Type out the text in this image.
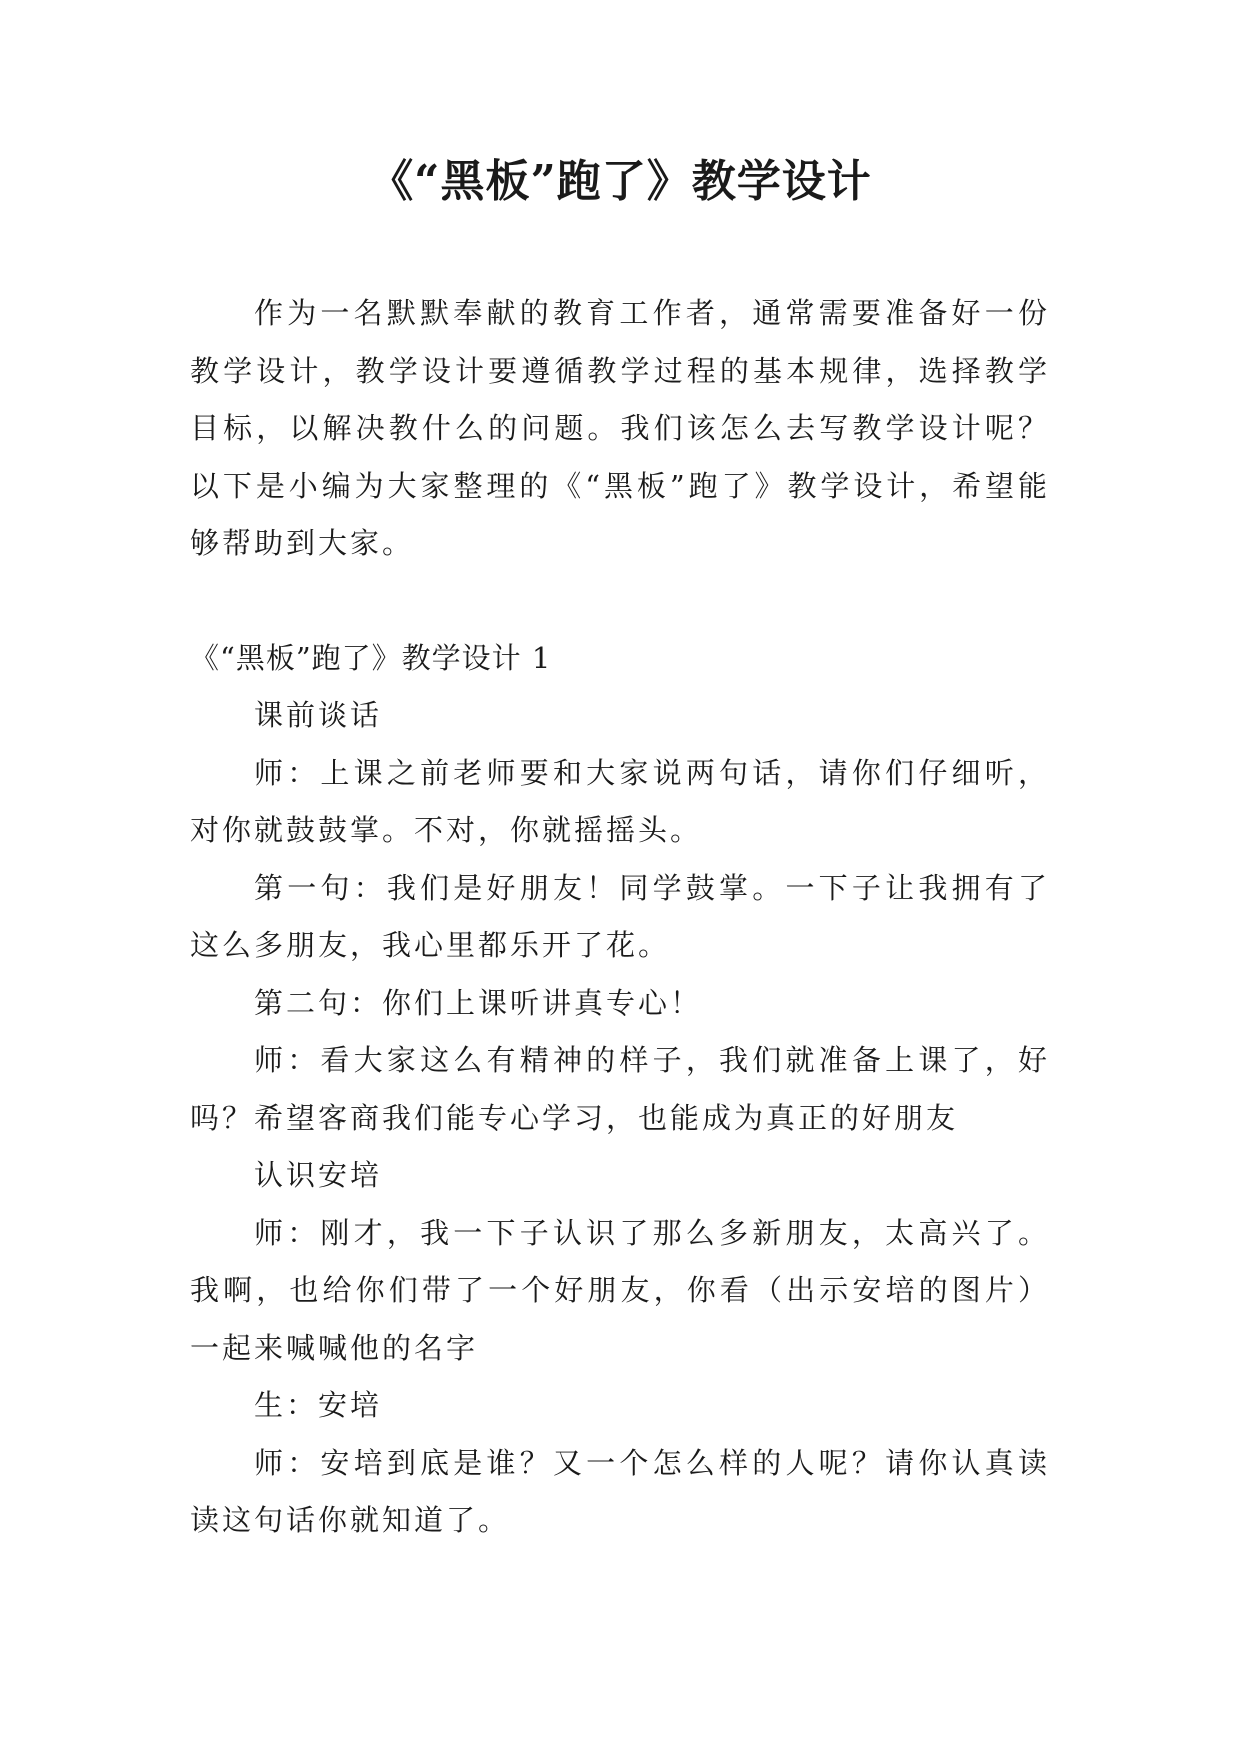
《“黑板”跑了》教学设计

作为一名默默奉献的教育工作者，通常需要准备好一份教学设计，教学设计要遵循教学过程的基本规律，选择教学目标，以解决教什么的问题。我们该怎么去写教学设计呢？以下是小编为大家整理的《“黑板”跑了》教学设计，希望能够帮助到大家。

《“黑板”跑了》教学设计 1

课前谈话

师：上课之前老师要和大家说两句话，请你们仔细听，对你就鼓鼓掌。不对，你就摇摇头。

第一句：我们是好朋友！同学鼓掌。一下子让我拥有了这么多朋友，我心里都乐开了花。

第二句：你们上课听讲真专心！

师：看大家这么有精神的样子，我们就准备上课了，好吗？希望客商我们能专心学习，也能成为真正的好朋友

认识安培

师：刚才，我一下子认识了那么多新朋友，太高兴了。我啊，也给你们带了一个好朋友，你看（出示安培的图片）一起来喊喊他的名字

生：安培

师：安培到底是谁？又一个怎么样的人呢？请你认真读读这句话你就知道了。
